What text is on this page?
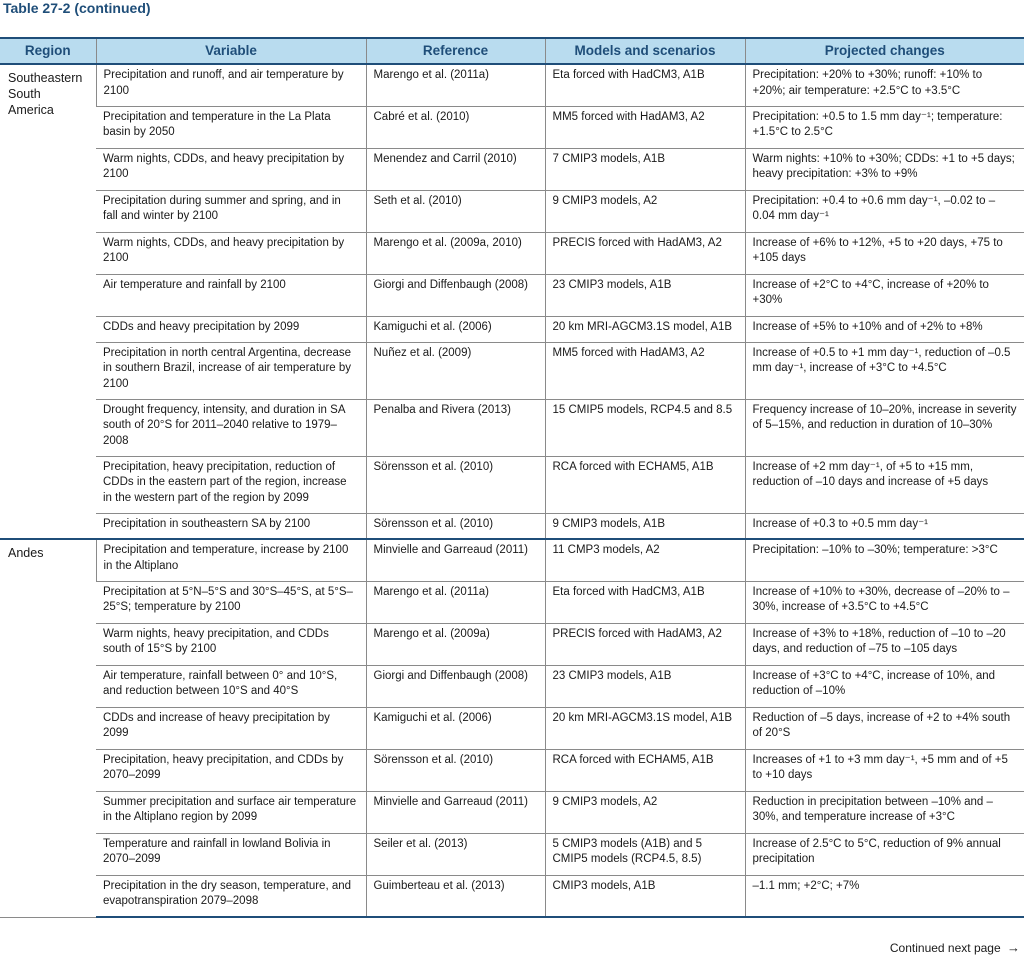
Table 27-2 (continued)
Region	Variable	Reference	Models and scenarios	Projected changes

Southeastern
South
America	Precipitation and runoff, and air temperature by 2100	Marengo et al. (2011a)	Eta forced with HadCM3, A1B	Precipitation: +20% to +30%; runoff: +10% to +20%; air temperature: +2.5°C to +3.5°C
	Precipitation and temperature in the La Plata basin by 2050	Cabré et al. (2010)	MM5 forced with HadAM3, A2	Precipitation: +0.5 to 1.5 mm day⁻¹; temperature: +1.5°C to 2.5°C
	Warm nights, CDDs, and heavy precipitation by 2100	Menendez and Carril (2010)	7 CMIP3 models, A1B	Warm nights: +10% to +30%; CDDs: +1 to +5 days; heavy precipitation: +3% to +9%
	Precipitation during summer and spring, and in fall and winter by 2100	Seth et al. (2010)	9 CMIP3 models, A2	Precipitation: +0.4 to +0.6 mm day⁻¹, –0.02 to –0.04 mm day⁻¹
	Warm nights, CDDs, and heavy precipitation by 2100	Marengo et al. (2009a, 2010)	PRECIS forced with HadAM3, A2	Increase of +6% to +12%, +5 to +20 days, +75 to +105 days
	Air temperature and rainfall by 2100	Giorgi and Diffenbaugh (2008)	23 CMIP3 models, A1B	Increase of +2°C to +4°C, increase of +20% to +30%
	CDDs and heavy precipitation by 2099	Kamiguchi et al. (2006)	20 km MRI-AGCM3.1S model, A1B	Increase of +5% to +10% and of +2% to +8%
	Precipitation in north central Argentina, decrease in southern Brazil, increase of air temperature by 2100	Nuñez et al. (2009)	MM5 forced with HadAM3, A2	Increase of +0.5 to +1 mm day⁻¹, reduction of –0.5 mm day⁻¹, increase of +3°C to +4.5°C
	Drought frequency, intensity, and duration in SA south of 20°S for 2011–2040 relative to 1979–2008	Penalba and Rivera (2013)	15 CMIP5 models, RCP4.5 and 8.5	Frequency increase of 10–20%, increase in severity of 5–15%, and reduction in duration of 10–30%
	Precipitation, heavy precipitation, reduction of CDDs in the eastern part of the region, increase in the western part of the region by 2099	Sörensson et al. (2010)	RCA forced with ECHAM5, A1B	Increase of +2 mm day⁻¹, of +5 to +15 mm, reduction of –10 days and increase of +5 days
	Precipitation in southeastern SA by 2100	Sörensson et al. (2010)	9 CMIP3 models, A1B	Increase of +0.3 to +0.5 mm day⁻¹

Andes	Precipitation and temperature, increase by 2100 in the Altiplano	Minvielle and Garreaud (2011)	11 CMP3 models, A2	Precipitation: –10% to –30%; temperature: >3°C
	Precipitation at 5°N–5°S and 30°S–45°S, at 5°S–25°S; temperature by 2100	Marengo et al. (2011a)	Eta forced with HadCM3, A1B	Increase of +10% to +30%, decrease of –20% to –30%, increase of +3.5°C to +4.5°C
	Warm nights, heavy precipitation, and CDDs south of 15°S by 2100	Marengo et al. (2009a)	PRECIS forced with HadAM3, A2	Increase of +3% to +18%, reduction of –10 to –20 days, and reduction of –75 to –105 days
	Air temperature, rainfall between 0° and 10°S, and reduction between 10°S and 40°S	Giorgi and Diffenbaugh (2008)	23 CMIP3 models, A1B	Increase of +3°C to +4°C, increase of 10%, and reduction of –10%
	CDDs and increase of heavy precipitation by 2099	Kamiguchi et al. (2006)	20 km MRI-AGCM3.1S model, A1B	Reduction of –5 days, increase of +2 to +4% south of 20°S
	Precipitation, heavy precipitation, and CDDs by 2070–2099	Sörensson et al. (2010)	RCA forced with ECHAM5, A1B	Increases of +1 to +3 mm day⁻¹, +5 mm and of +5 to +10 days
	Summer precipitation and surface air temperature in the Altiplano region by 2099	Minvielle and Garreaud (2011)	9 CMIP3 models, A2	Reduction in precipitation between –10% and –30%, and temperature increase of +3°C
	Temperature and rainfall in lowland Bolivia in 2070–2099	Seiler et al. (2013)	5 CMIP3 models (A1B) and 5 CMIP5 models (RCP4.5, 8.5)	Increase of 2.5°C to 5°C, reduction of 9% annual precipitation
	Precipitation in the dry season, temperature, and evapotranspiration 2079–2098	Guimberteau et al. (2013)	CMIP3 models, A1B	–1.1 mm; +2°C; +7%
Continued next page →
